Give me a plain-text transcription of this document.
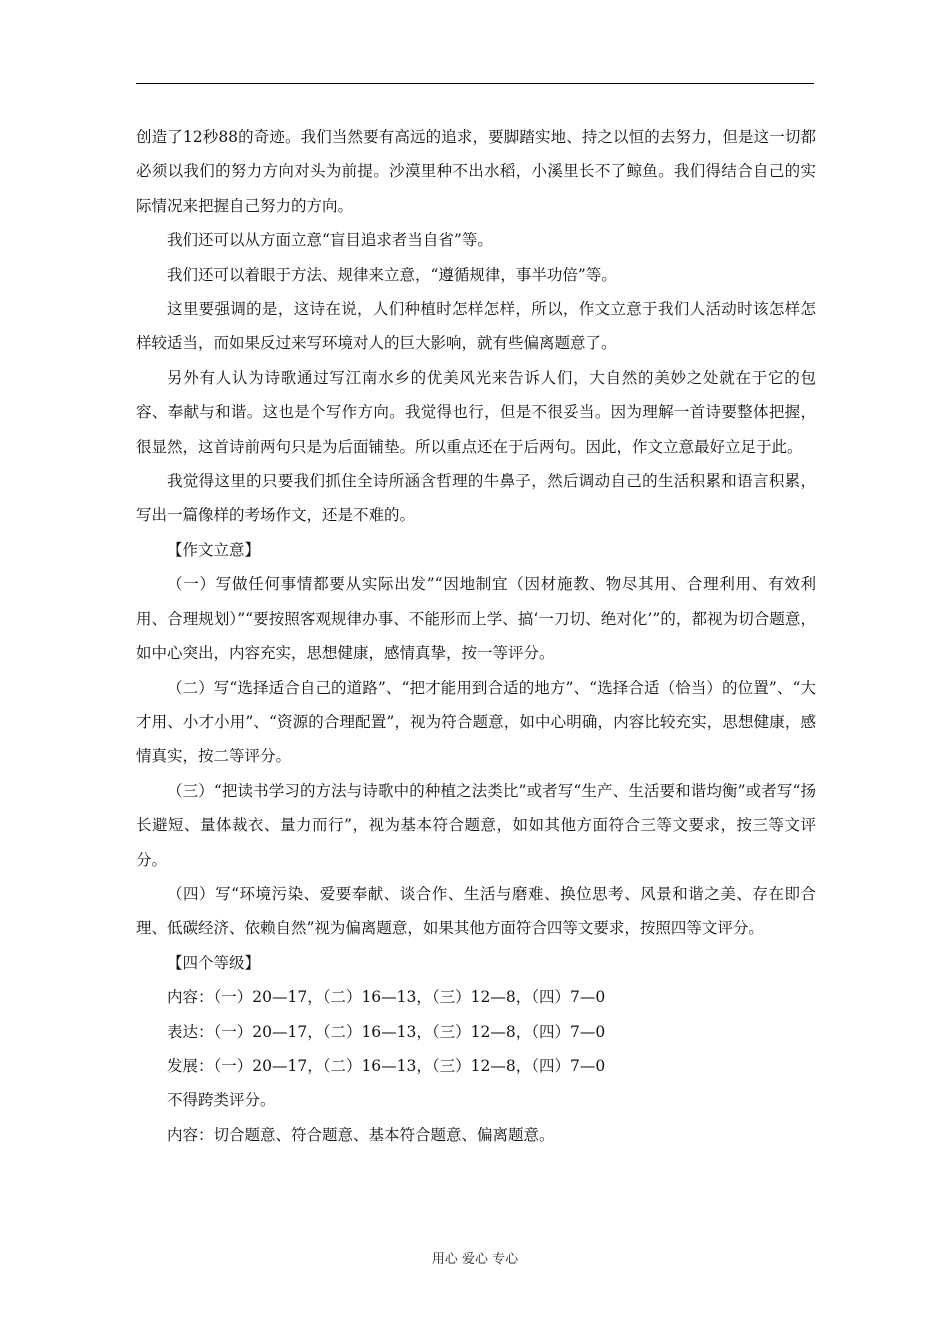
创造了12秒88的奇迹。我们当然要有高远的追求，要脚踏实地、持之以恒的去努力，但是这一切都必须以我们的努力方向对头为前提。沙漠里种不出水稻，小溪里长不了鲸鱼。我们得结合自己的实际情况来把握自己努力的方向。

我们还可以从方面立意“盲目追求者当自省”等。

我们还可以着眼于方法、规律来立意，“遵循规律，事半功倍”等。

这里要强调的是，这诗在说，人们种植时怎样怎样，所以，作文立意于我们人活动时该怎样怎样较适当，而如果反过来写环境对人的巨大影响，就有些偏离题意了。

另外有人认为诗歌通过写江南水乡的优美风光来告诉人们，大自然的美妙之处就在于它的包容、奉献与和谐。这也是个写作方向。我觉得也行，但是不很妥当。因为理解一首诗要整体把握，很显然，这首诗前两句只是为后面铺垫。所以重点还在于后两句。因此，作文立意最好立足于此。

我觉得这里的只要我们抓住全诗所涵含哲理的牛鼻子，然后调动自己的生活积累和语言积累，写出一篇像样的考场作文，还是不难的。

【作文立意】

（一）写做任何事情都要从实际出发”“因地制宜（因材施教、物尽其用、合理利用、有效利用、合理规划）”“要按照客观规律办事、不能形而上学、搞‘一刀切、绝对化’”的，都视为切合题意，如中心突出，内容充实，思想健康，感情真挚，按一等评分。

（二）写“选择适合自己的道路”、“把才能用到合适的地方”、“选择合适（恰当）的位置”、“大才用、小才小用”、“资源的合理配置”，视为符合题意，如中心明确，内容比较充实，思想健康，感情真实，按二等评分。

（三）“把读书学习的方法与诗歌中的种植之法类比”或者写“生产、生活要和谐均衡”或者写“扬长避短、量体裁衣、量力而行”，视为基本符合题意，如如其他方面符合三等文要求，按三等文评分。

（四）写“环境污染、爱要奉献、谈合作、生活与磨难、换位思考、风景和谐之美、存在即合理、低碳经济、依赖自然”视为偏离题意，如果其他方面符合四等文要求，按照四等文评分。

【四个等级】

内容：（一）20—17，（二）16—13，（三）12—8，（四）7—0

表达：（一）20—17，（二）16—13，（三）12—8，（四）7—0

发展：（一）20—17，（二）16—13，（三）12—8，（四）7—0

不得跨类评分。

内容：切合题意、符合题意、基本符合题意、偏离题意。

用心 爱心 专心
